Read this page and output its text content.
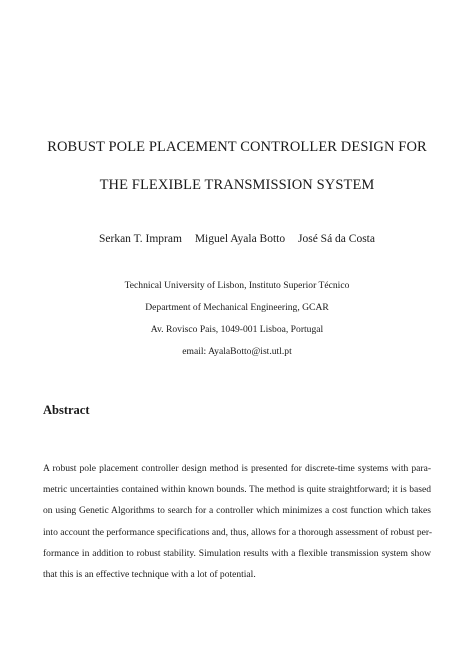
ROBUST POLE PLACEMENT CONTROLLER DESIGN FOR
THE FLEXIBLE TRANSMISSION SYSTEM
Serkan T. Impram Miguel Ayala Botto José Sá da Costa
Technical University of Lisbon, Instituto Superior Técnico
Department of Mechanical Engineering, GCAR
Av. Rovisco Pais, 1049-001 Lisboa, Portugal
email: AyalaBotto@ist.utl.pt
Abstract
A robust pole placement controller design method is presented for discrete-time systems with para-
metric uncertainties contained within known bounds. The method is quite straightforward; it is based
on using Genetic Algorithms to search for a controller which minimizes a cost function which takes
into account the performance specifications and, thus, allows for a thorough assessment of robust per-
formance in addition to robust stability. Simulation results with a flexible transmission system show
that this is an effective technique with a lot of potential.
